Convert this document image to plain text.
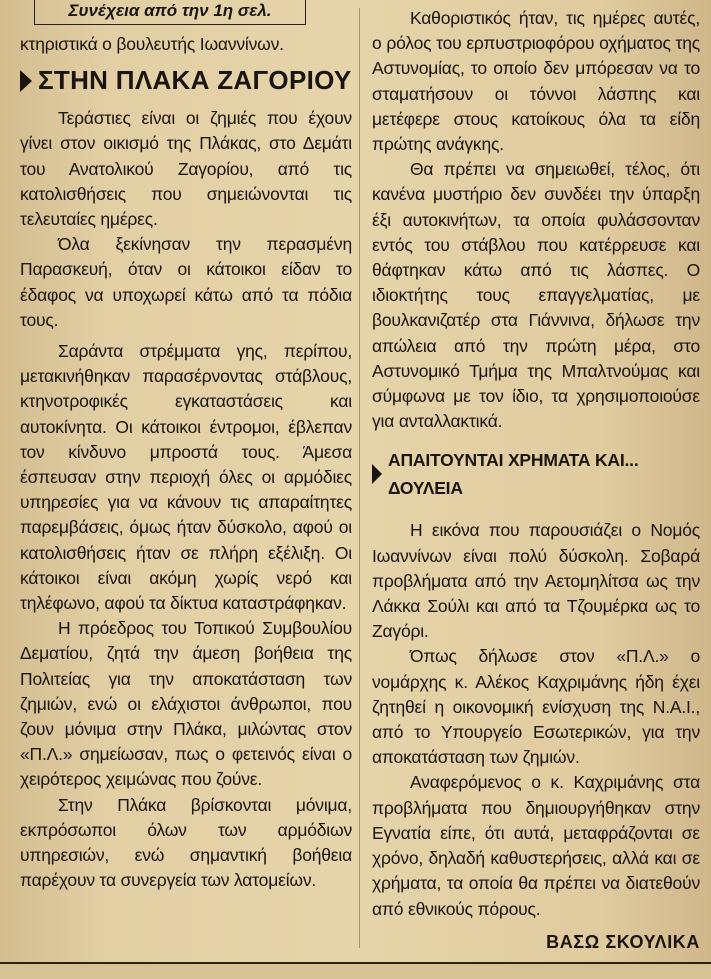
Συνέχεια από την 1η σελ.

κτηριστικά ο βουλευτής Ιωαννίνων.

ΣΤΗΝ ΠΛΑΚΑ ΖΑΓΟΡΙΟΥ

Τεράστιες είναι οι ζημιές που έχουν γίνει στον οικισμό της Πλάκας, στο Δεμάτι του Ανατολικού Ζαγορίου, από τις κατολισθήσεις που σημειώνονται τις τελευταίες ημέρες.

Όλα ξεκίνησαν την περασμένη Παρασκευή, όταν οι κάτοικοι είδαν το έδαφος να υποχωρεί κάτω από τα πόδια τους.

Σαράντα στρέμματα γης, περίπου, μετακινήθηκαν παρασέρνοντας στάβλους, κτηνοτροφικές εγκαταστάσεις και αυτοκίνητα. Οι κάτοικοι έντρομοι, έβλεπαν τον κίνδυνο μπροστά τους. Άμεσα έσπευσαν στην περιοχή όλες οι αρμόδιες υπηρεσίες για να κάνουν τις απαραίτητες παρεμβάσεις, όμως ήταν δύσκολο, αφού οι κατολισθήσεις ήταν σε πλήρη εξέλιξη. Οι κάτοικοι είναι ακόμη χωρίς νερό και τηλέφωνο, αφού τα δίκτυα καταστράφηκαν.

Η πρόεδρος του Τοπικού Συμβουλίου Δεματίου, ζητά την άμεση βοήθεια της Πολιτείας για την αποκατάσταση των ζημιών, ενώ οι ελάχιστοι άνθρωποι, που ζουν μόνιμα στην Πλάκα, μιλώντας στον «Π.Λ.» σημείωσαν, πως ο φετεινός είναι ο χειρότερος χειμώνας που ζούνε.

Στην Πλάκα βρίσκονται μόνιμα, εκπρόσωποι όλων των αρμόδιων υπηρεσιών, ενώ σημαντική βοήθεια παρέχουν τα συνεργεία των λατομείων.

Καθοριστικός ήταν, τις ημέρες αυτές, ο ρόλος του ερπυστριοφόρου οχήματος της Αστυνομίας, το οποίο δεν μπόρεσαν να το σταματήσουν οι τόννοι λάσπης και μετέφερε στους κατοίκους όλα τα είδη πρώτης ανάγκης.

Θα πρέπει να σημειωθεί, τέλος, ότι κανένα μυστήριο δεν συνδέει την ύπαρξη έξι αυτοκινήτων, τα οποία φυλάσσονταν εντός του στάβλου που κατέρρευσε και θάφτηκαν κάτω από τις λάσπες. Ο ιδιοκτήτης τους επαγγελματίας, με βουλκανιζατέρ στα Γιάννινα, δήλωσε την απώλεια από την πρώτη μέρα, στο Αστυνομικό Τμήμα της Μπαλτνούμας και σύμφωνα με τον ίδιο, τα χρησιμοποιούσε για ανταλλακτικά.

ΑΠΑΙΤΟΥΝΤΑΙ ΧΡΗΜΑΤΑ ΚΑΙ... ΔΟΥΛΕΙΑ

Η εικόνα που παρουσιάζει ο Νομός Ιωαννίνων είναι πολύ δύσκολη. Σοβαρά προβλήματα από την Αετομηλίτσα ως την Λάκκα Σούλι και από τα Τζουμέρκα ως το Ζαγόρι.

Όπως δήλωσε στον «Π.Λ.» ο νομάρχης κ. Αλέκος Καχριμάνης ήδη έχει ζητηθεί η οικονομική ενίσχυση της Ν.Α.Ι., από το Υπουργείο Εσωτερικών, για την αποκατάσταση των ζημιών.

Αναφερόμενος ο κ. Καχριμάνης στα προβλήματα που δημιουργήθηκαν στην Εγνατία είπε, ότι αυτά, μεταφράζονται σε χρόνο, δηλαδή καθυστερήσεις, αλλά και σε χρήματα, τα οποία θα πρέπει να διατεθούν από εθνικούς πόρους.

ΒΑΣΩ ΣΚΟΥΛΙΚΑ
